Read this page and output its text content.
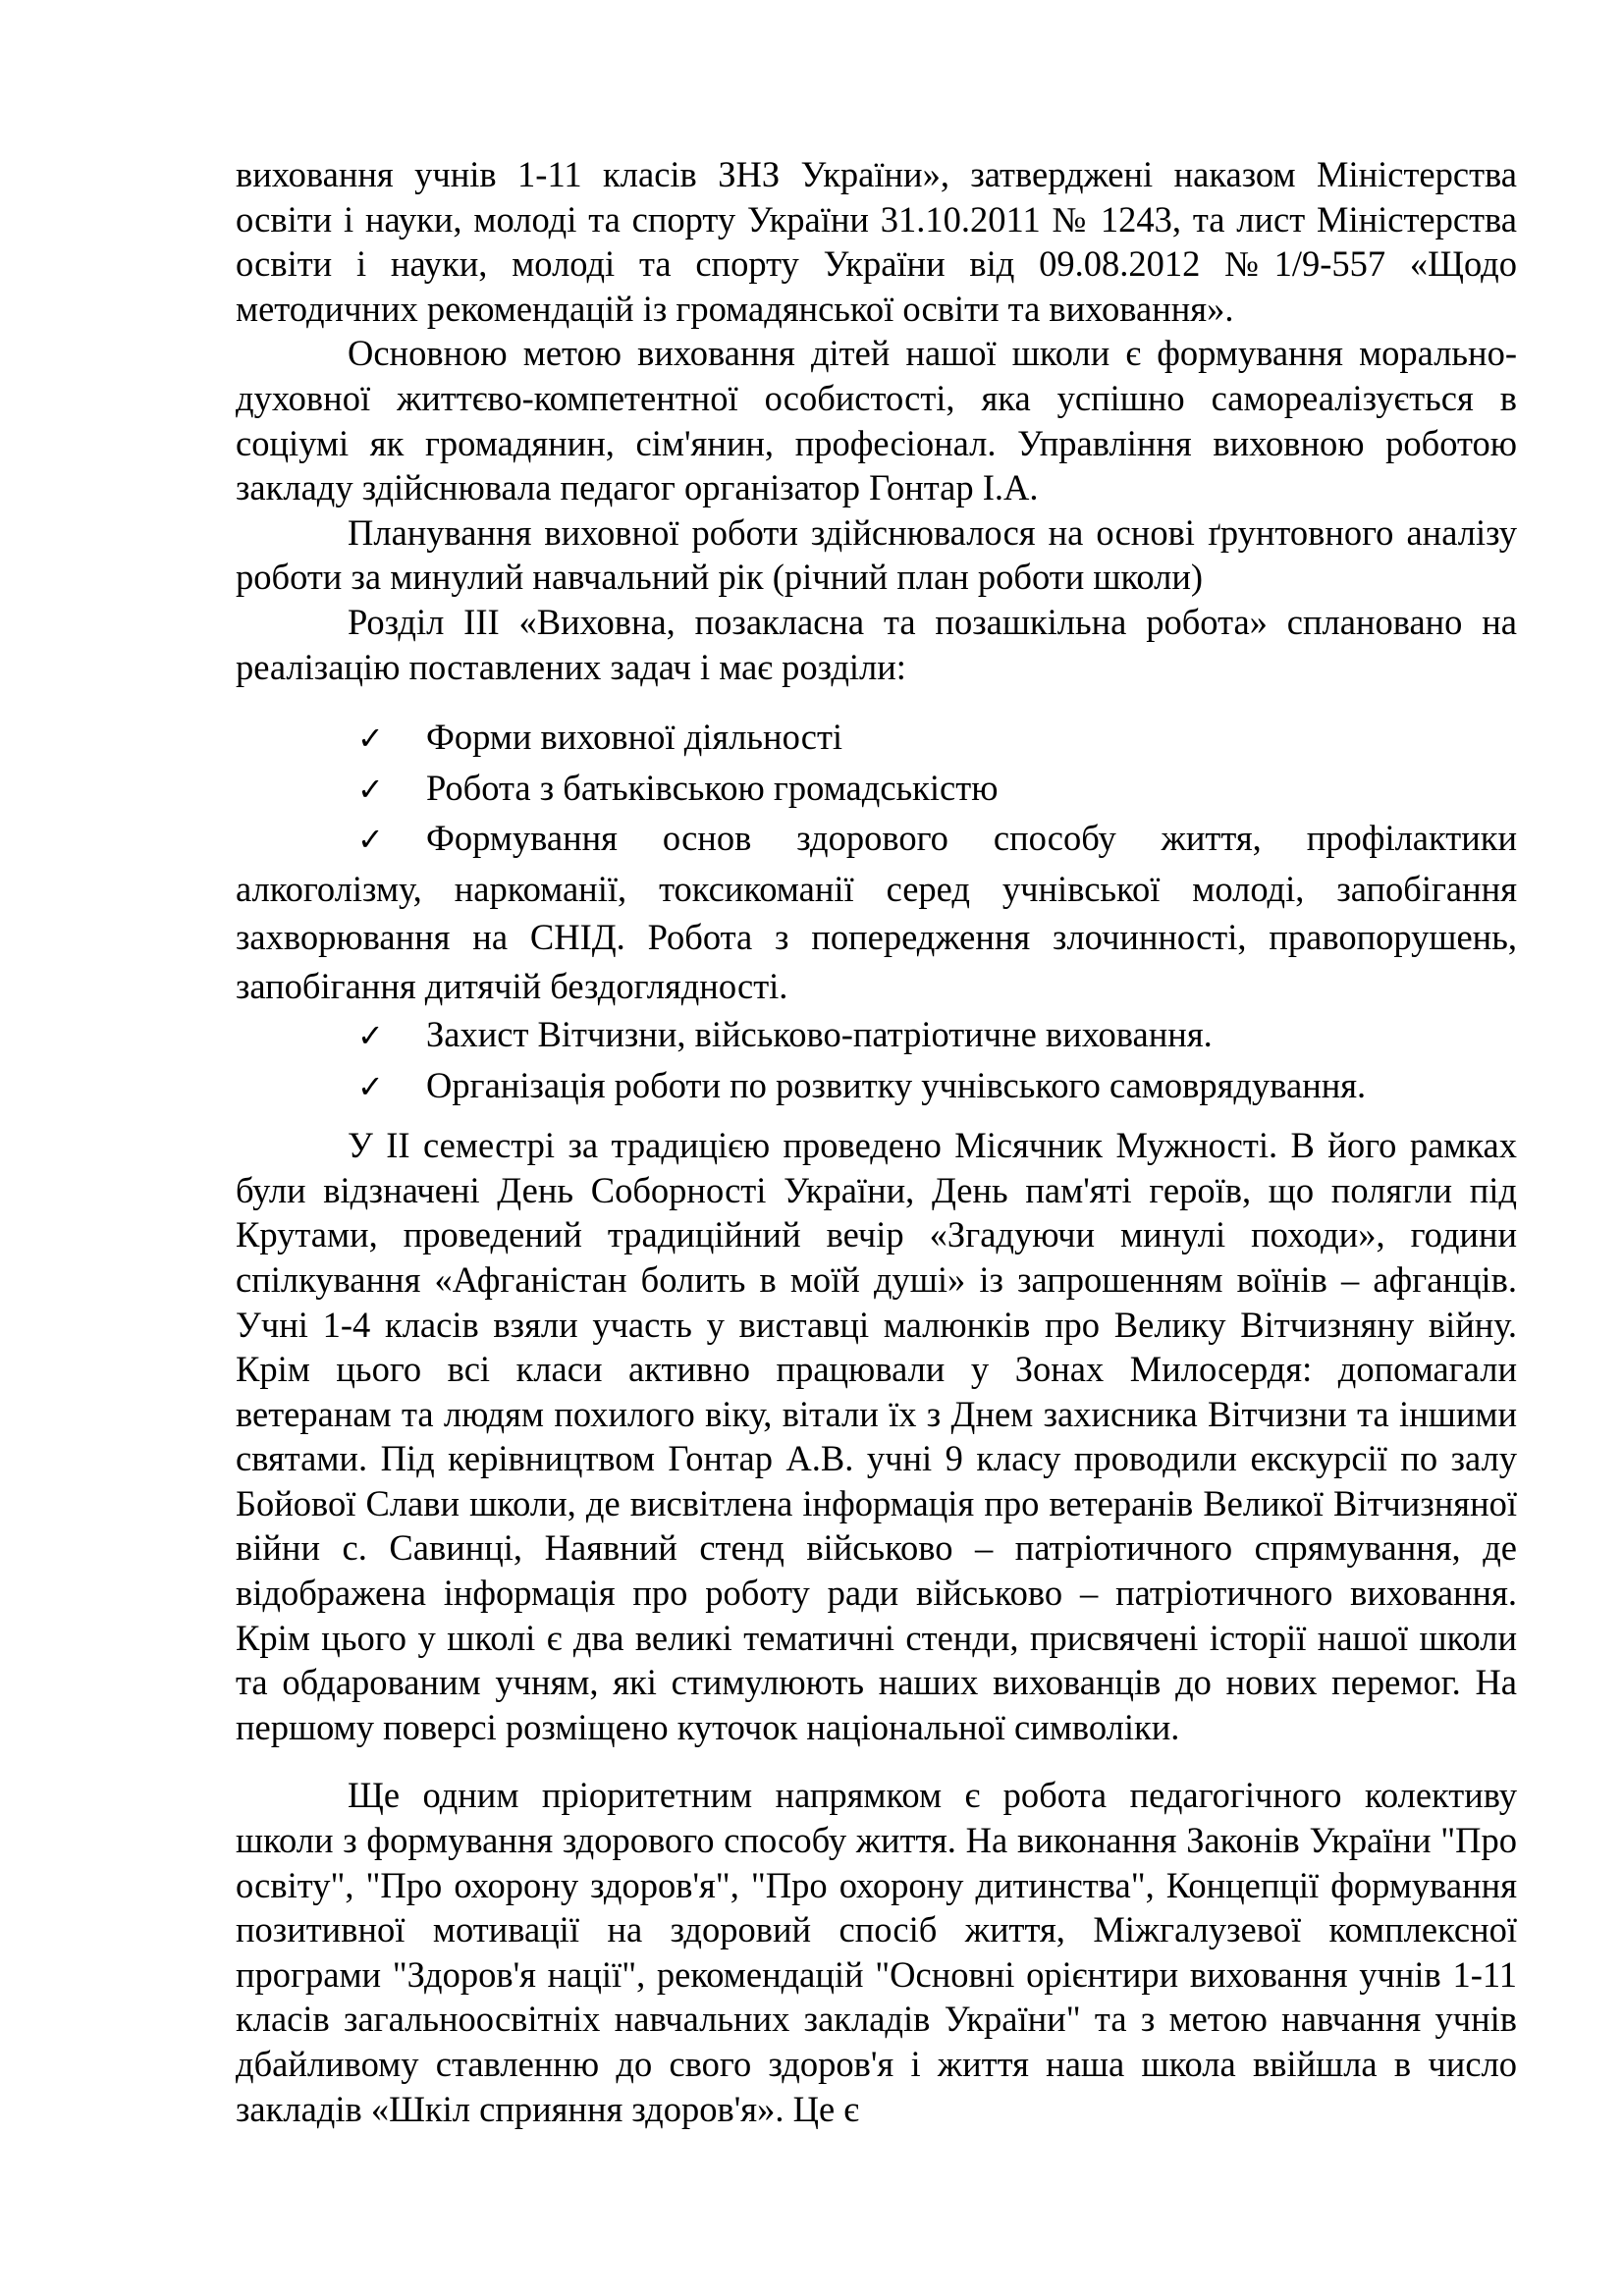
виховання учнів 1-11 класів ЗНЗ України», затверджені наказом Міністерства освіти і науки, молоді та спорту України 31.10.2011 № 1243, та лист Міністерства освіти і науки, молоді та спорту України від 09.08.2012 №1/9-557 «Щодо методичних рекомендацій із громадянської освіти та виховання».

Основною метою виховання дітей нашої школи є формування морально-духовної життєво-компетентної особистості, яка успішно самореалізується в соціумі як громадянин, сім'янин, професіонал. Управління виховною роботою закладу здійснювала педагог організатор Гонтар І.А.

Планування виховної роботи здійснювалося на основі ґрунтовного аналізу роботи за минулий навчальний рік (річний план роботи школи)

Розділ ІІІ «Виховна, позакласна та позашкільна робота» сплановано на реалізацію поставлених задач і має розділи:

✓ Форми виховної діяльності

✓ Робота з батьківською громадськістю

✓ Формування основ здорового способу життя, профілактики алкоголізму, наркоманії, токсикоманії серед учнівської молоді, запобігання захворювання на СНІД. Робота з попередження злочинності, правопорушень, запобігання дитячій бездоглядності.

✓ Захист Вітчизни, військово-патріотичне виховання.

✓ Організація роботи по розвитку учнівського самоврядування.

У ІІ семестрі за традицією проведено Місячник Мужності. В його рамках були відзначені День Соборності України, День пам'яті героїв, що полягли під Крутами, проведений традиційний вечір «Згадуючи минулі походи», години спілкування «Афганістан болить в моїй душі» із запрошенням воїнів – афганців. Учні 1-4 класів взяли участь у виставці малюнків про Велику Вітчизняну війну. Крім цього всі класи активно працювали у Зонах Милосердя: допомагали ветеранам та людям похилого віку, вітали їх з Днем захисника Вітчизни та іншими святами. Під керівництвом Гонтар А.В. учні 9 класу проводили екскурсії по залу Бойової Слави школи, де висвітлена інформація про ветеранів Великої Вітчизняної війни с. Савинці, Наявний стенд військово – патріотичного спрямування, де відображена інформація про роботу ради військово – патріотичного виховання. Крім цього у школі є два великі тематичні стенди, присвячені історії нашої школи та обдарованим учням, які стимулюють наших вихованців до нових перемог. На першому поверсі розміщено куточок національної символіки.

Ще одним пріоритетним напрямком є робота педагогічного колективу школи з формування здорового способу життя. На виконання Законів України "Про освіту", "Про охорону здоров'я", "Про охорону дитинства", Концепції формування позитивної мотивації на здоровий спосіб життя, Міжгалузевої комплексної програми "Здоров'я нації", рекомендацій "Основні орієнтири виховання учнів 1-11 класів загальноосвітніх навчальних закладів України" та з метою навчання учнів дбайливому ставленню до свого здоров'я і життя наша школа ввійшла в число закладів «Шкіл сприяння здоров'я». Це є
